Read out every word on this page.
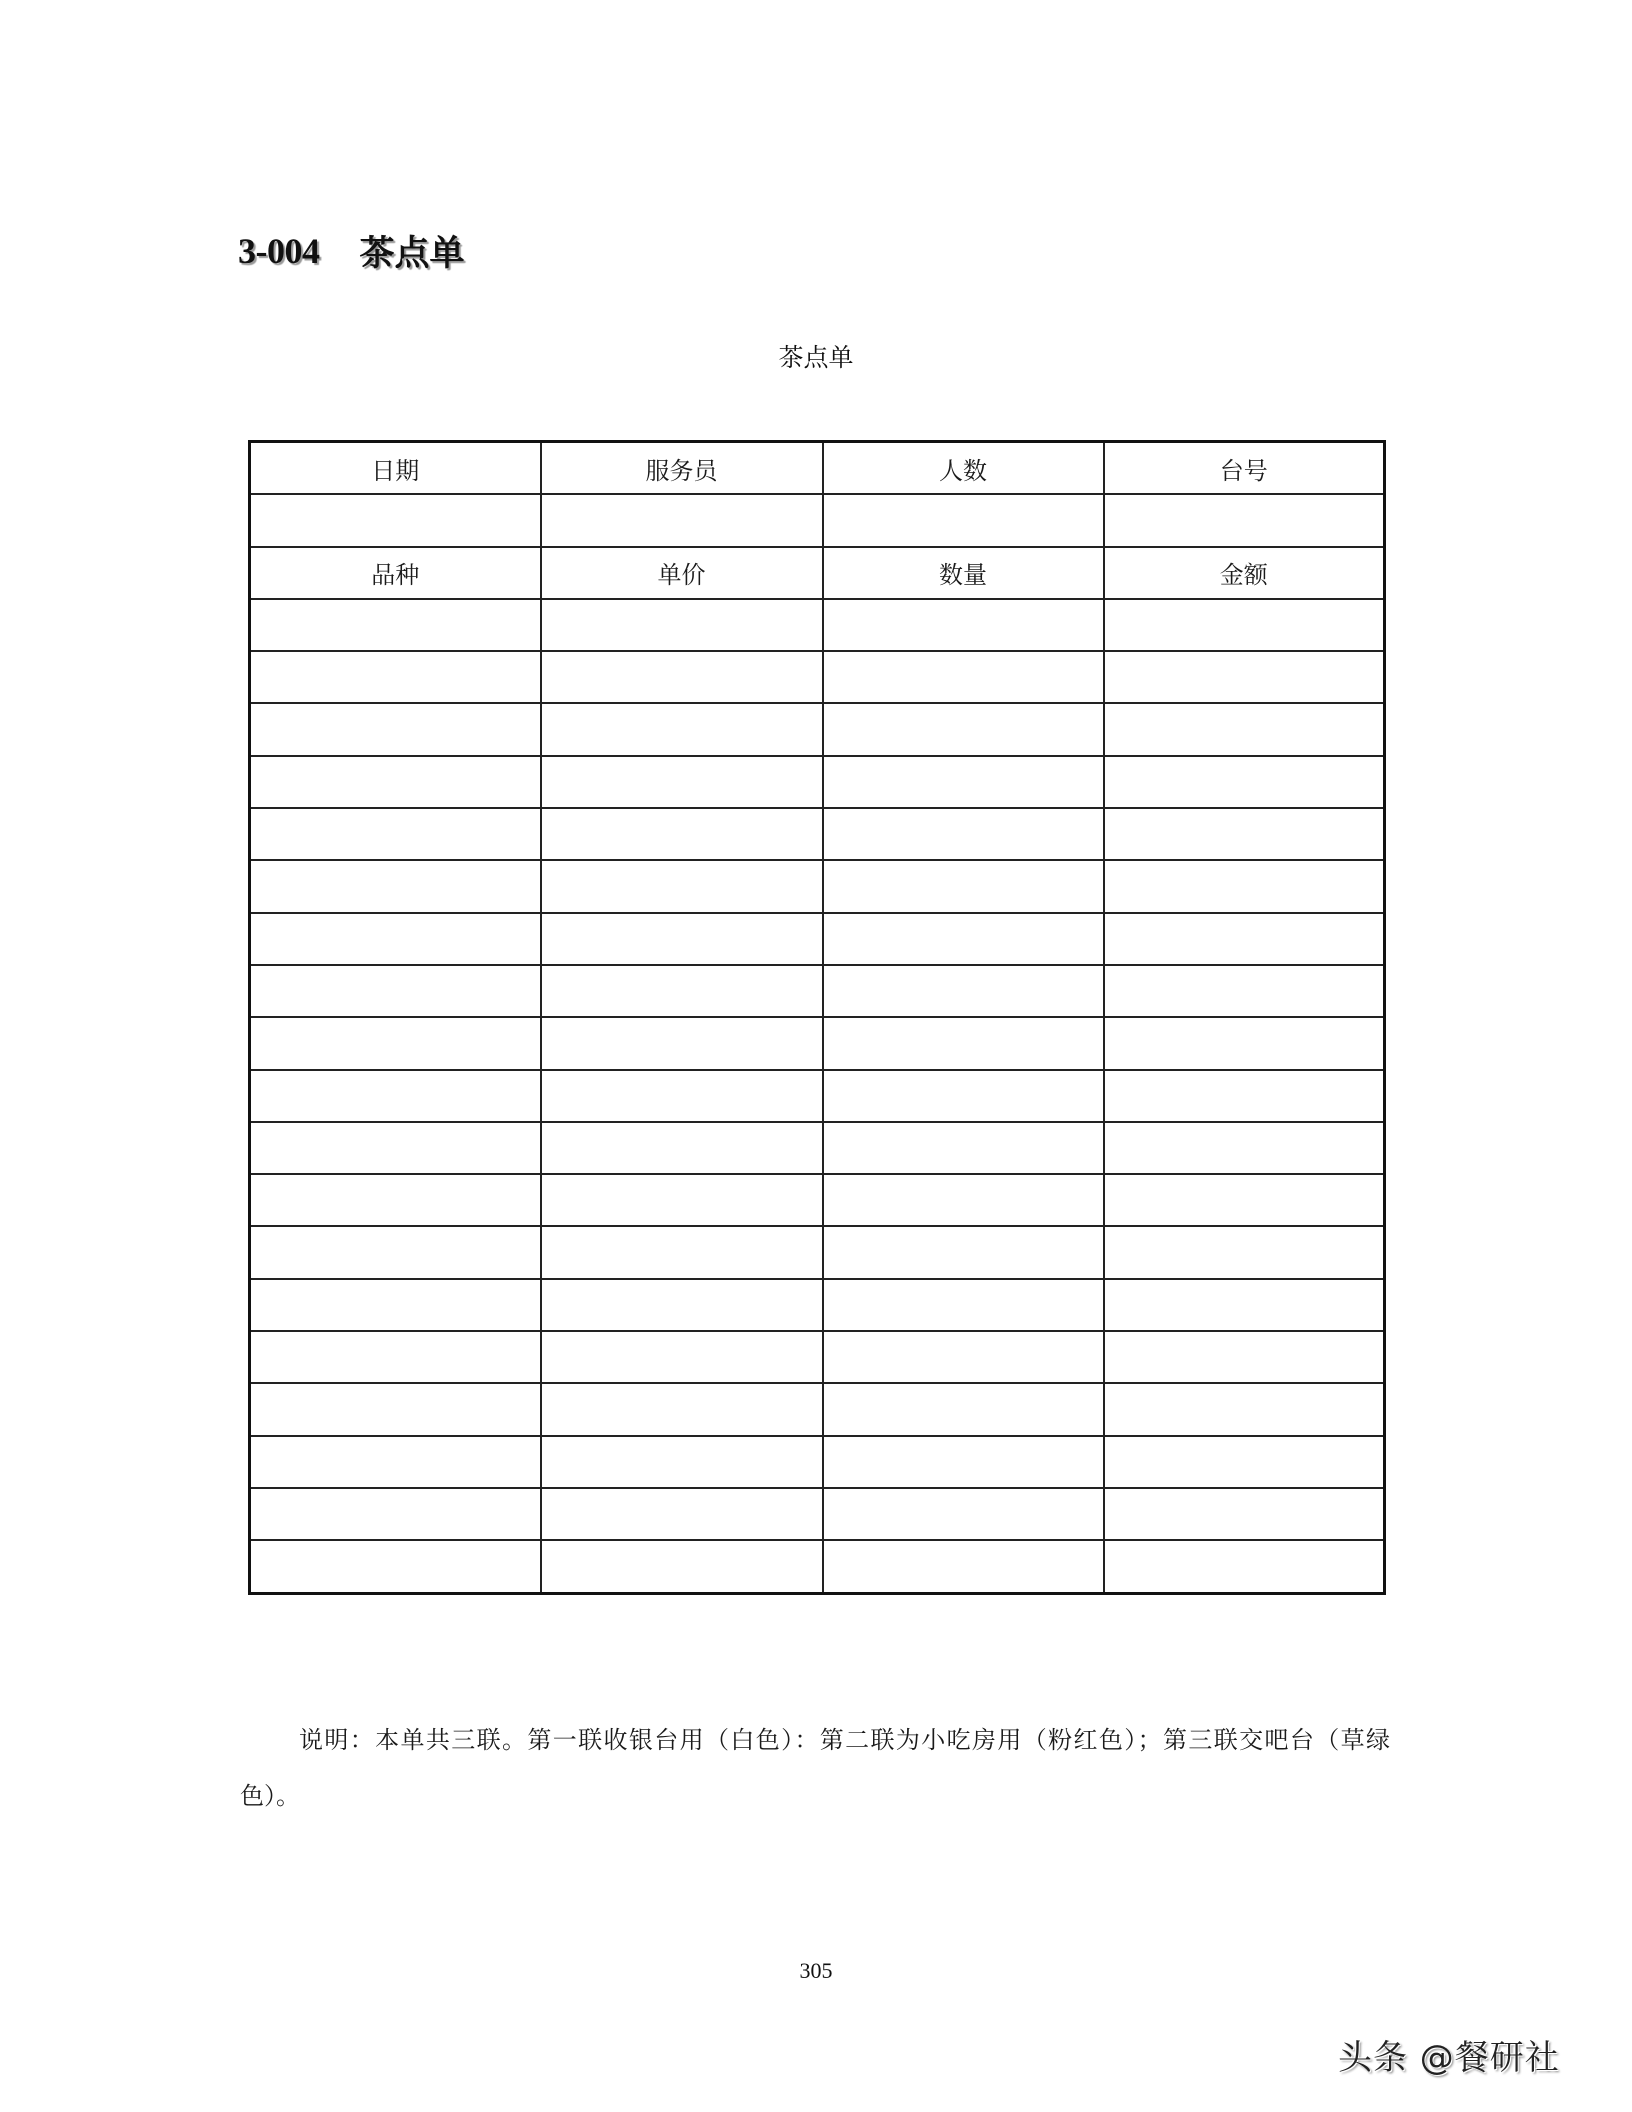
3-004 茶点单
茶点单
日期	服务员	人数	台号

品种	单价	数量	金额

说明：本单共三联。第一联收银台用（白色）：第二联为小吃房用（粉红色）；第三联交吧台（草绿色）。
305
头条 @餐研社
